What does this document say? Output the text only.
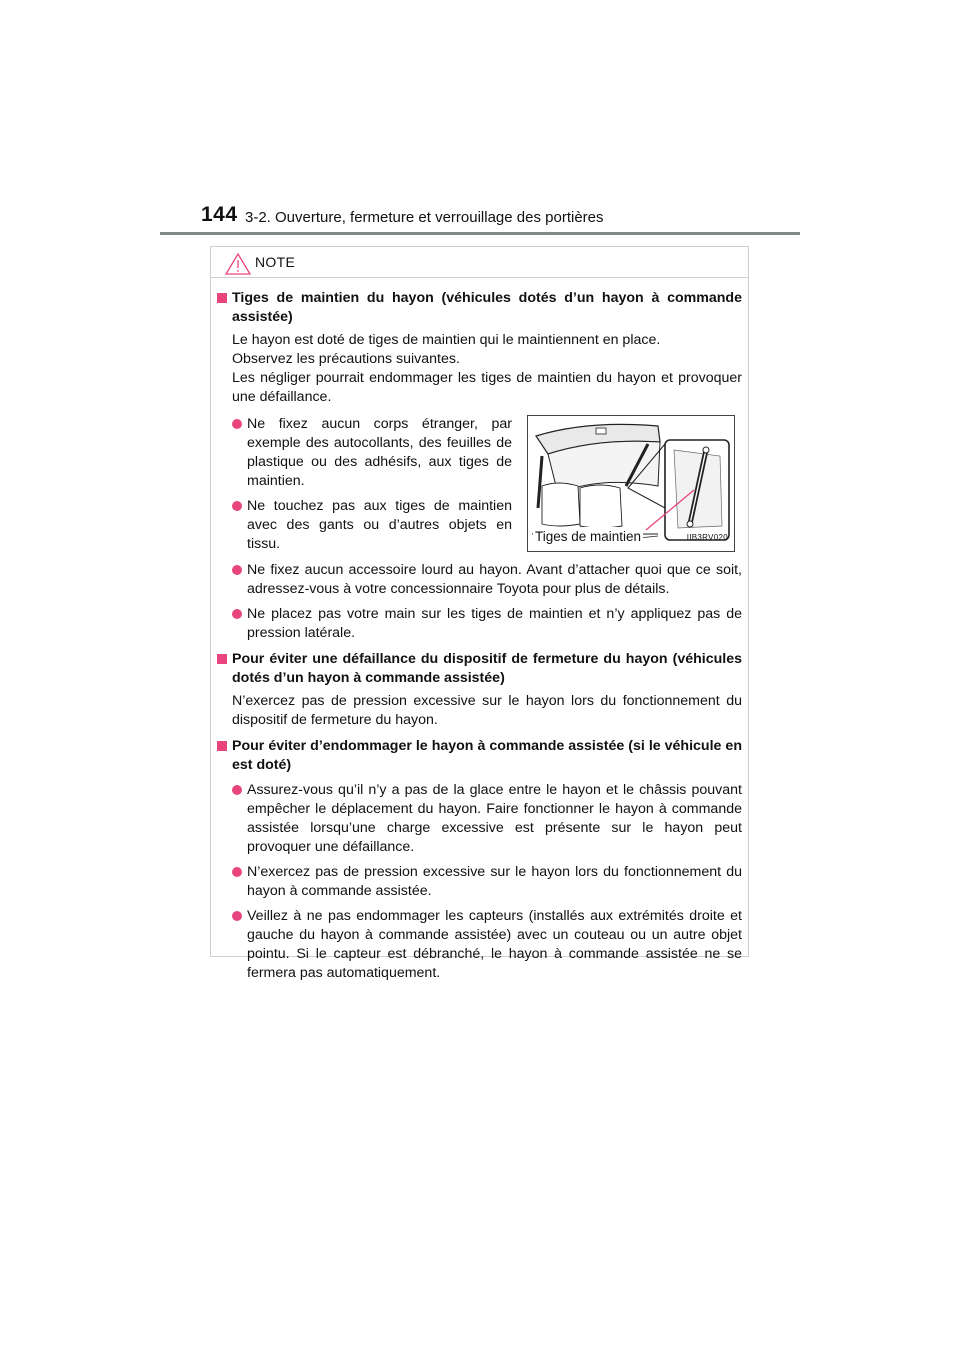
144 3-2. Ouverture, fermeture et verrouillage des portières
NOTE
Tiges de maintien du hayon (véhicules dotés d’un hayon à commande assistée)
Le hayon est doté de tiges de maintien qui le maintiennent en place.
Observez les précautions suivantes.
Les négliger pourrait endommager les tiges de maintien du hayon et provoquer une défaillance.
Ne fixez aucun corps étranger, par exemple des autocollants, des feuilles de plastique ou des adhésifs, aux tiges de maintien.
Ne touchez pas aux tiges de maintien avec des gants ou d’autres objets en tissu.	Tiges de maintien	IIB3RV020
Ne fixez aucun accessoire lourd au hayon. Avant d’attacher quoi que ce soit, adressez-vous à votre concessionnaire Toyota pour plus de détails.
Ne placez pas votre main sur les tiges de maintien et n’y appliquez pas de pression latérale.
Pour éviter une défaillance du dispositif de fermeture du hayon (véhicules dotés d’un hayon à commande assistée)
N’exercez pas de pression excessive sur le hayon lors du fonctionnement du dispositif de fermeture du hayon.
Pour éviter d’endommager le hayon à commande assistée (si le véhicule en est doté)
Assurez-vous qu’il n’y a pas de la glace entre le hayon et le châssis pouvant empêcher le déplacement du hayon. Faire fonctionner le hayon à commande assistée lorsqu’une charge excessive est présente sur le hayon peut provoquer une défaillance.
N’exercez pas de pression excessive sur le hayon lors du fonctionnement du hayon à commande assistée.
Veillez à ne pas endommager les capteurs (installés aux extrémités droite et gauche du hayon à commande assistée) avec un couteau ou un autre objet pointu. Si le capteur est débranché, le hayon à commande assistée ne se fermera pas automatiquement.
